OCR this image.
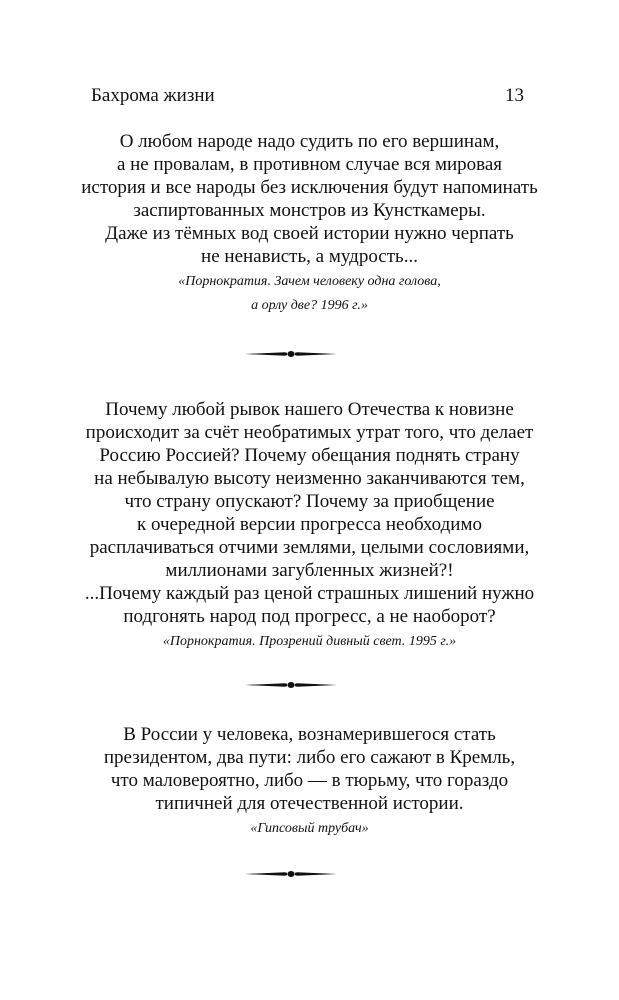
Бахрома жизни	13
О любом народе надо судить по его вершинам,
а не провалам, в противном случае вся мировая
история и все народы без исключения будут напоминать
заспиртованных монстров из Кунсткамеры.
Даже из тёмных вод своей истории нужно черпать
не ненависть, а мудрость...
«Порнократия. Зачем человеку одна голова,
а орлу две? 1996 г.»
Почему любой рывок нашего Отечества к новизне
происходит за счёт необратимых утрат того, что делает
Россию Россией? Почему обещания поднять страну
на небывалую высоту неизменно заканчиваются тем,
что страну опускают? Почему за приобщение
к очередной версии прогресса необходимо
расплачиваться отчими землями, целыми сословиями,
миллионами загубленных жизней?!
...Почему каждый раз ценой страшных лишений нужно
подгонять народ под прогресс, а не наоборот?
«Порнократия. Прозрений дивный свет. 1995 г.»
В России у человека, вознамерившегося стать
президентом, два пути: либо его сажают в Кремль,
что маловероятно, либо — в тюрьму, что гораздо
типичней для отечественной истории.
«Гипсовый трубач»
